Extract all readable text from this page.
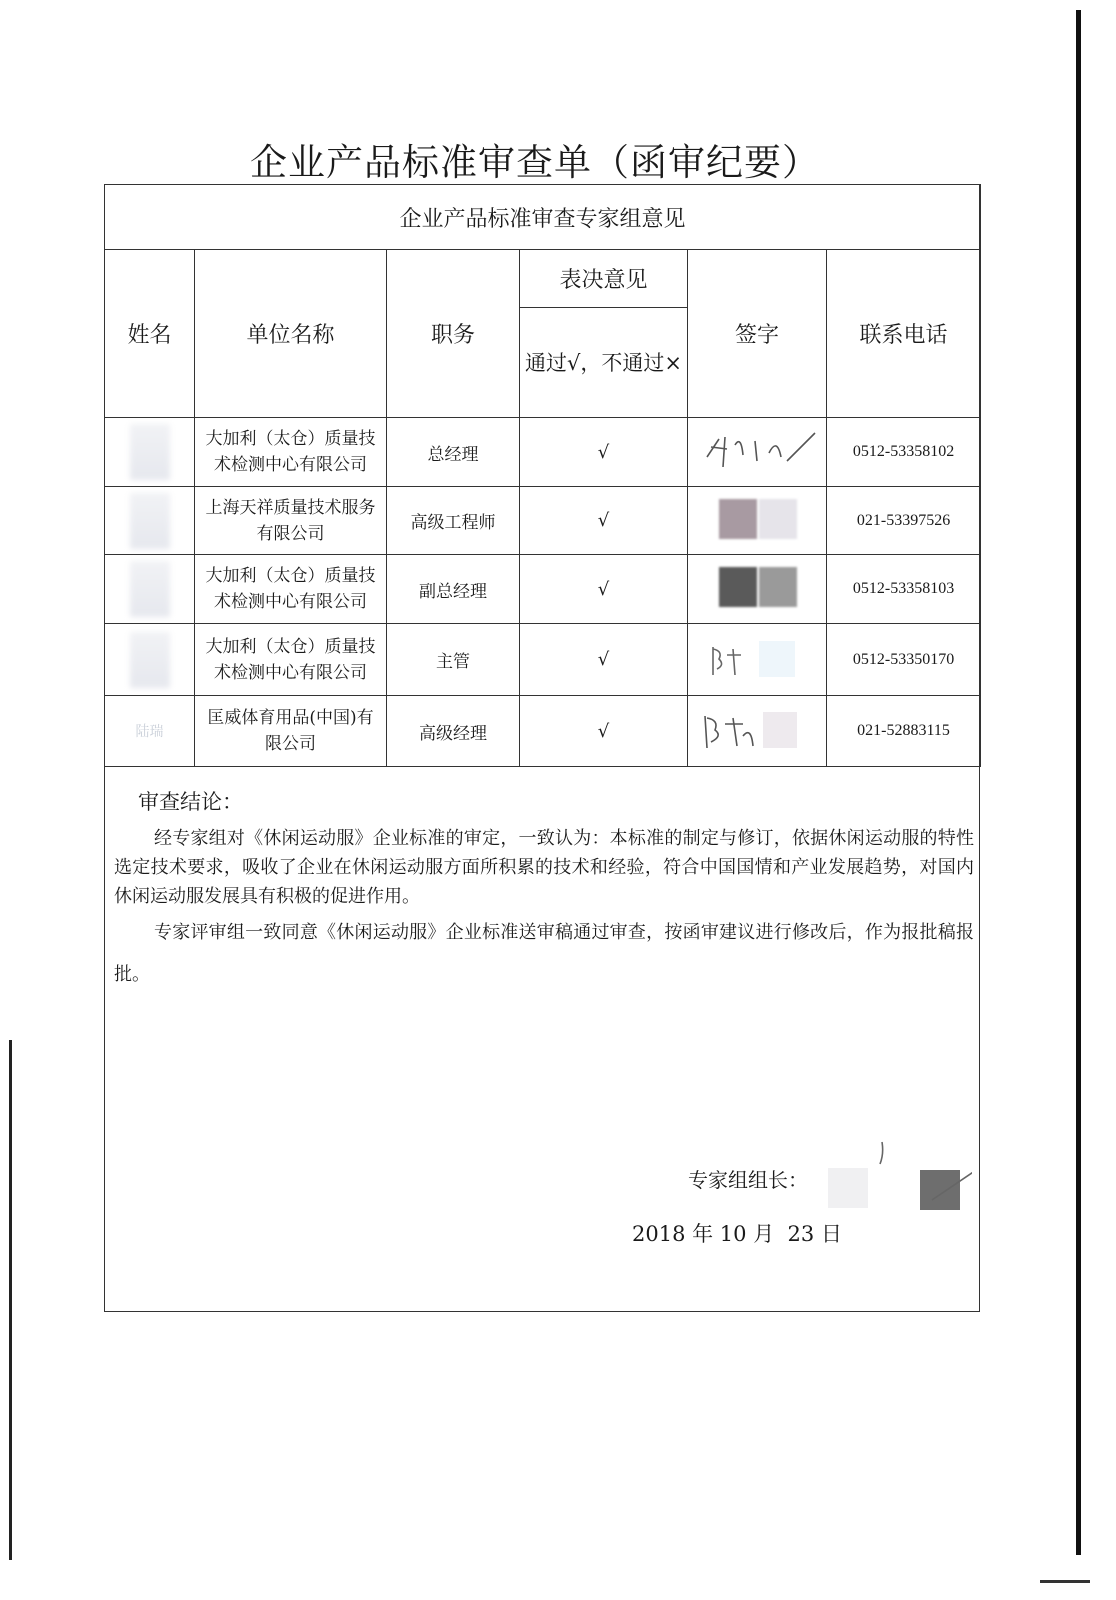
企业产品标准审查单（函审纪要）
企业产品标准审查专家组意见					
姓名	单位名称	职务	表决意见	签字	联系电话
			通过√，不通过×		

	大加利（太仓）质量技术检测中心有限公司	总经理	√		0512-53358102

	上海天祥质量技术服务有限公司	高级工程师	√		021-53397526

	大加利（太仓）质量技术检测中心有限公司	副总经理	√		0512-53358103

	大加利（太仓）质量技术检测中心有限公司	主管	√		0512-53350170
陆瑞	匡威体育用品(中国)有限公司	高级经理	√		021-52883115
审查结论：

经专家组对《休闲运动服》企业标准的审定，一致认为：本标准的制定与修订，依据休闲运动服的特性选定技术要求，吸收了企业在休闲运动服方面所积累的技术和经验，符合中国国情和产业发展趋势，对国内休闲运动服发展具有积极的促进作用。

专家评审组一致同意《休闲运动服》企业标准送审稿通过审查，按函审建议进行修改后，作为报批稿报批。

专家组组长：
2018 年 10 月  23 日
